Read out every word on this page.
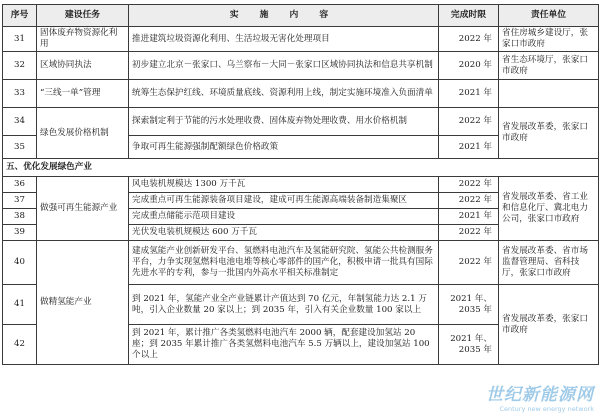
序号	建设任务	实 施 内 容	完成时限	责任单位
31	固体废弃物资源化利用	推进建筑垃圾资源化利用、生活垃圾无害化处理项目	2022 年	省住房城乡建设厅，张家口市政府
32	区域协同执法	初步建立北京－张家口、乌兰察布－大同－张家口区域协同执法和信息共享机制	2020 年	省生态环境厅，张家口市政府
33	“三线一单”管理	统筹生态保护红线、环境质量底线、资源利用上线，制定实施环境准入负面清单	2021 年	
34	绿色发展价格机制	探索制定利于节能的污水处理收费、固体废弃物处理收费、用水价格机制	2022 年	省发展改革委，张家口市政府
35		争取可再生能源强制配额绿色价格政策	2021 年	
五、优化发展绿色产业				
36	做强可再生能源产业	风电装机规模达 1300 万千瓦	2022 年	省发展改革委、省工业和信息化厅、冀北电力公司，张家口市政府
37		完成重点可再生能源装备项目建设，建成可再生能源高端装备制造集聚区	2022 年	
38		完成重点储能示范项目建设	2021 年	
39		光伏发电装机规模达 600 万千瓦	2022 年	
40	做精氢能产业	建成氢能产业创新研发平台、氢燃料电池汽车及氢能研究院、氢能公共检测服务平台，力争实现氢燃料电池电堆等核心零部件的国产化，积极申请一批具有国际先进水平的专利，参与一批国内外高水平相关标准制定	2022 年	省发展改革委、省市场监督管理局、省科技厅，张家口市政府
41		到 2021 年，氢能产业全产业链累计产值达到 70 亿元，年制氢能力达 2.1 万吨，引入企业数量 20 家以上；到 2035 年，引入有关企业数量 100 家以上	2021 年、2035 年	省发展改革委，张家口市政府
42		到 2021 年，累计推广各类氢燃料电池汽车 2000 辆，配套建设加氢站 20 座；到 2035 年累计推广各类氢燃料电池汽车 5.5 万辆以上，建设加氢站 100 个以上	2021 年、2035 年	
世纪新能源网
Century new energy network
